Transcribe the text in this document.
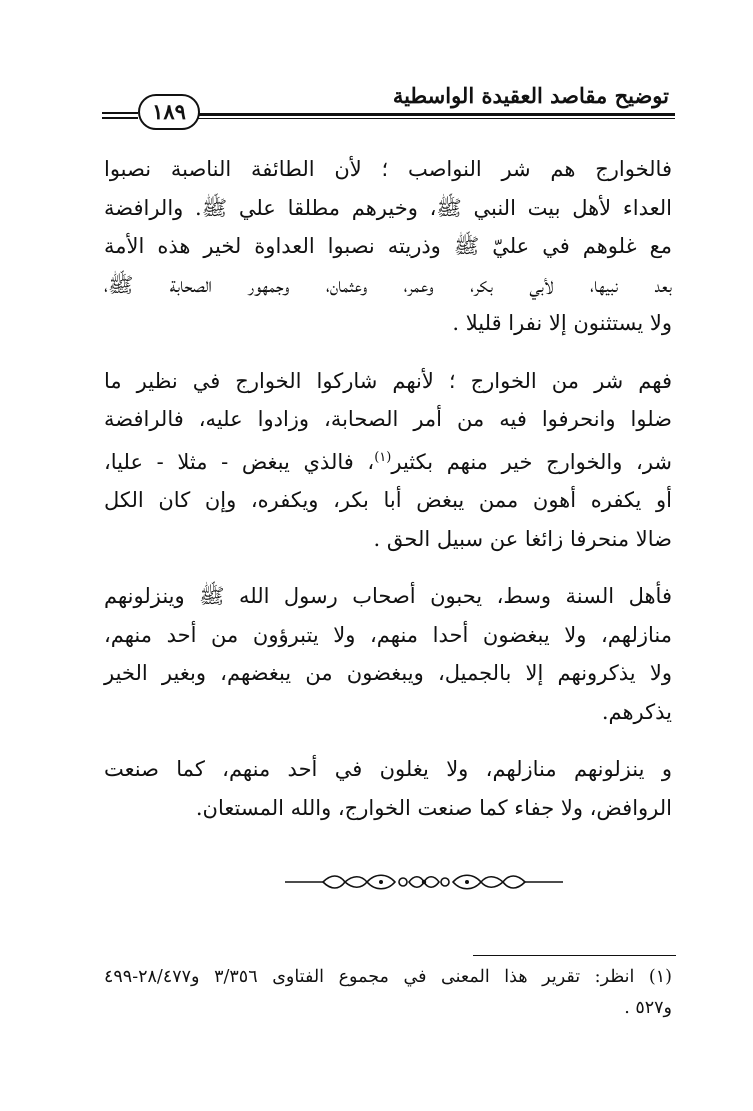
توضيح مقاصد العقيدة الواسطية
١٨٩

فالخوارج هم شر النواصب ؛ لأن الطائفة الناصبة نصبوا
العداء لأهل بيت النبي ﷺ، وخيرهم مطلقا علي ﷺ. والرافضة
مع غلوهم في عليّ ﷺ وذريته نصبوا العداوة لخير هذه الأمة
بعد نبيها، لأبي بكر، وعمر، وعثمان، وجمهور الصحابة ﷺ،
ولا يستثنون إلا نفرا قليلا .

فهم شر من الخوارج ؛ لأنهم شاركوا الخوارج في نظير ما
ضلوا وانحرفوا فيه من أمر الصحابة، وزادوا عليه، فالرافضة
شر، والخوارج خير منهم بكثير$^{(١)}$، فالذي يبغض - مثلا - عليا،
أو يكفره أهون ممن يبغض أبا بكر، ويكفره، وإن كان الكل
ضالا منحرفا زائغا عن سبيل الحق .

فأهل السنة وسط، يحبون أصحاب رسول الله ﷺ وينزلونهم
منازلهم، ولا يبغضون أحدا منهم، ولا يتبرؤون من أحد منهم،
ولا يذكرونهم إلا بالجميل، ويبغضون من يبغضهم، وبغير الخير
يذكرهم.

و ينزلونهم منازلهم، ولا يغلون في أحد منهم، كما صنعت
الروافض، ولا جفاء كما صنعت الخوارج، والله المستعان.

(١) انظر: تقرير هذا المعنى في مجموع الفتاوى ٣/٣٥٦ و٢٨/٤٧٧-٤٩٩
و٥٢٧ .
